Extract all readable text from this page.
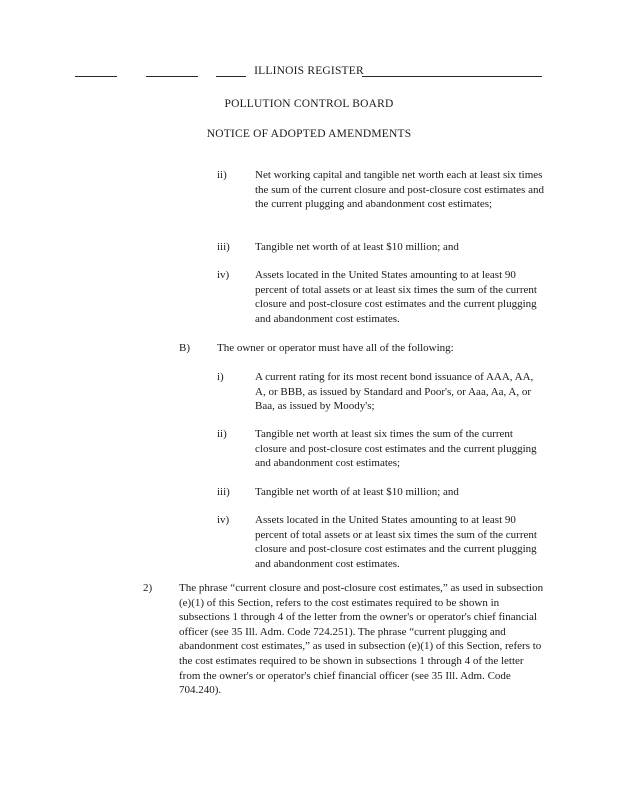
ILLINOIS REGISTER
POLLUTION CONTROL BOARD
NOTICE OF ADOPTED AMENDMENTS
ii)	Net working capital and tangible net worth each at least six times the sum of the current closure and post-closure cost estimates and the current plugging and abandonment cost estimates;
iii) Tangible net worth of at least $10 million; and
iv) Assets located in the United States amounting to at least 90 percent of total assets or at least six times the sum of the current closure and post-closure cost estimates and the current plugging and abandonment cost estimates.
B) The owner or operator must have all of the following:
i)	A current rating for its most recent bond issuance of AAA, AA, A, or BBB, as issued by Standard and Poor's, or Aaa, Aa, A, or Baa, as issued by Moody's;
ii)	Tangible net worth at least six times the sum of the current closure and post-closure cost estimates and the current plugging and abandonment cost estimates;
iii) Tangible net worth of at least $10 million; and
iv) Assets located in the United States amounting to at least 90 percent of total assets or at least six times the sum of the current closure and post-closure cost estimates and the current plugging and abandonment cost estimates.
2) The phrase “current closure and post-closure cost estimates,” as used in subsection (e)(1) of this Section, refers to the cost estimates required to be shown in subsections 1 through 4 of the letter from the owner's or operator's chief financial officer (see 35 Ill. Adm. Code 724.251). The phrase “current plugging and abandonment cost estimates,” as used in subsection (e)(1) of this Section, refers to the cost estimates required to be shown in subsections 1 through 4 of the letter from the owner's or operator's chief financial officer (see 35 Ill. Adm. Code 704.240).
